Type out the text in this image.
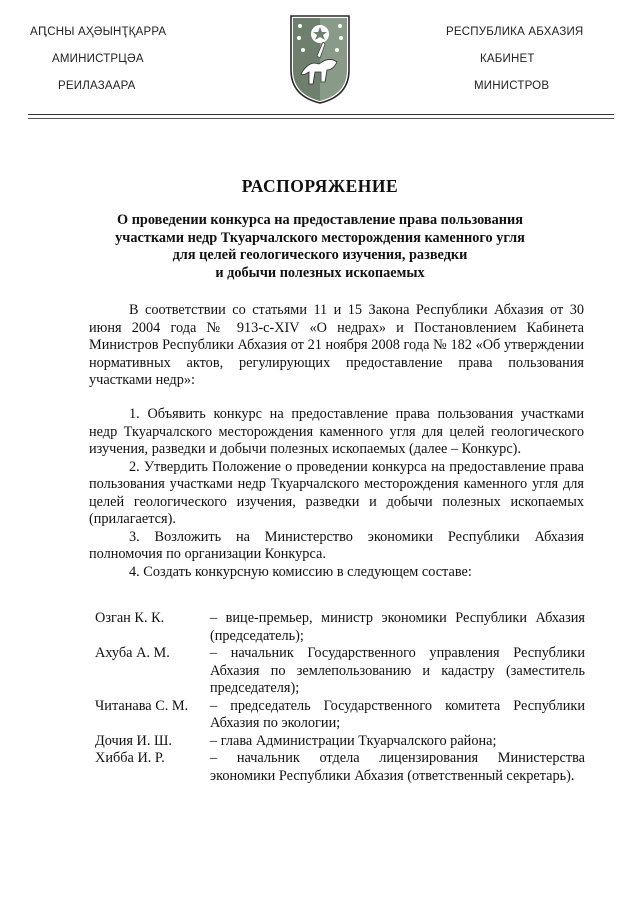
АԤСНЫ АҲӘЫНҬҚАРРА
АМИНИСТРЦӘА
РЕИЛАЗААРА
РЕСПУБЛИКА АБХАЗИЯ
КАБИНЕТ
МИНИСТРОВ
РАСПОРЯЖЕНИЕ
О проведении конкурса на предоставление права пользования
участками недр Ткуарчалского месторождения каменного угля
для целей геологического изучения, разведки
и добычи полезных ископаемых

В соответствии со статьями 11 и 15 Закона Республики Абхазия от 30 июня 2004 года № 913-с-XIV «О недрах» и Постановлением Кабинета Министров Республики Абхазия от 21 ноября 2008 года № 182 «Об утверждении нормативных актов, регулирующих предоставление права пользования участками недр»:

1. Объявить конкурс на предоставление права пользования участками недр Ткуарчалского месторождения каменного угля для целей геологического изучения, разведки и добычи полезных ископаемых (далее – Конкурс).

2. Утвердить Положение о проведении конкурса на предоставление права пользования участками недр Ткуарчалского месторождения каменного угля для целей геологического изучения, разведки и добычи полезных ископаемых (прилагается).

3. Возложить на Министерство экономики Республики Абхазия полномочия по организации Конкурса.

4. Создать конкурсную комиссию в следующем составе:

Озган К. К.	– вице-премьер, министр экономики Республики Абхазия (председатель);
Ахуба А. М.	– начальник Государственного управления Республики Абхазия по землепользованию и кадастру (заместитель председателя);
Читанава С. М.	– председатель Государственного комитета Республики Абхазия по экологии;
Дочия И. Ш.	– глава Администрации Ткуарчалского района;
Хибба И. Р.	– начальник отдела лицензирования Министерства экономики Республики Абхазия (ответственный секретарь).
